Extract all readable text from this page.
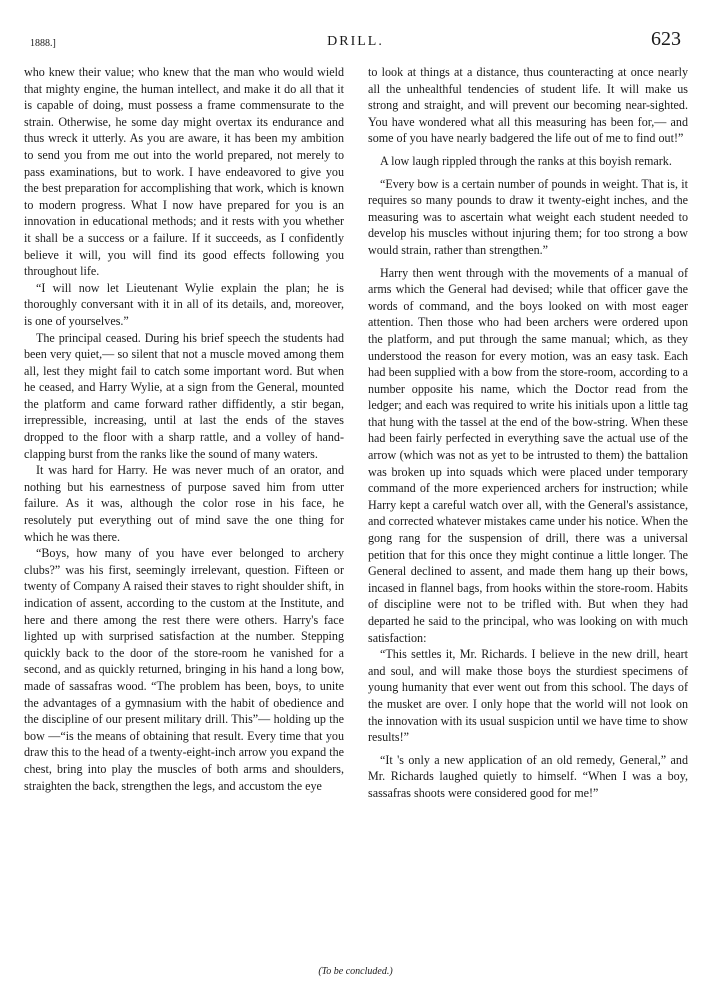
1888.]	DRILL.	623

who knew their value; who knew that the man who would wield that mighty engine, the human intellect, and make it do all that it is capable of doing, must possess a frame commensurate to the strain. Otherwise, he some day might overtax its endurance and thus wreck it utterly. As you are aware, it has been my ambition to send you from me out into the world prepared, not merely to pass examinations, but to work. I have endeavored to give you the best preparation for accomplishing that work, which is known to modern progress. What I now have prepared for you is an innovation in educational methods; and it rests with you whether it shall be a success or a failure. If it succeeds, as I confidently believe it will, you will find its good effects following you throughout life.

“I will now let Lieutenant Wylie explain the plan; he is thoroughly conversant with it in all of its details, and, moreover, is one of yourselves.”

The principal ceased. During his brief speech the students had been very quiet,— so silent that not a muscle moved among them all, lest they might fail to catch some important word. But when he ceased, and Harry Wylie, at a sign from the General, mounted the platform and came forward rather diffidently, a stir began, irrepressible, increasing, until at last the ends of the staves dropped to the floor with a sharp rattle, and a volley of hand-clapping burst from the ranks like the sound of many waters.

It was hard for Harry. He was never much of an orator, and nothing but his earnestness of purpose saved him from utter failure. As it was, although the color rose in his face, he resolutely put everything out of mind save the one thing for which he was there.

“Boys, how many of you have ever belonged to archery clubs?” was his first, seemingly irrelevant, question. Fifteen or twenty of Company A raised their staves to right shoulder shift, in indication of assent, according to the custom at the Institute, and here and there among the rest there were others. Harry's face lighted up with surprised satisfaction at the number. Stepping quickly back to the door of the store-room he vanished for a second, and as quickly returned, bringing in his hand a long bow, made of sassafras wood. “The problem has been, boys, to unite the advantages of a gymnasium with the habit of obedience and the discipline of our present military drill. This”— holding up the bow —“is the means of obtaining that result. Every time that you draw this to the head of a twenty-eight-inch arrow you expand the chest, bring into play the muscles of both arms and shoulders, straighten the back, strengthen the legs, and accustom the eye

to look at things at a distance, thus counteracting at once nearly all the unhealthful tendencies of student life. It will make us strong and straight, and will prevent our becoming near-sighted. You have wondered what all this measuring has been for,— and some of you have nearly badgered the life out of me to find out!”

A low laugh rippled through the ranks at this boyish remark.

“Every bow is a certain number of pounds in weight. That is, it requires so many pounds to draw it twenty-eight inches, and the measuring was to ascertain what weight each student needed to develop his muscles without injuring them; for too strong a bow would strain, rather than strengthen.”

Harry then went through with the movements of a manual of arms which the General had devised; while that officer gave the words of command, and the boys looked on with most eager attention. Then those who had been archers were ordered upon the platform, and put through the same manual; which, as they understood the reason for every motion, was an easy task. Each had been supplied with a bow from the store-room, according to a number opposite his name, which the Doctor read from the ledger; and each was required to write his initials upon a little tag that hung with the tassel at the end of the bow-string. When these had been fairly perfected in everything save the actual use of the arrow (which was not as yet to be intrusted to them) the battalion was broken up into squads which were placed under temporary command of the more experienced archers for instruction; while Harry kept a careful watch over all, with the General's assistance, and corrected whatever mistakes came under his notice. When the gong rang for the suspension of drill, there was a universal petition that for this once they might continue a little longer. The General declined to assent, and made them hang up their bows, incased in flannel bags, from hooks within the store-room. Habits of discipline were not to be trifled with. But when they had departed he said to the principal, who was looking on with much satisfaction:

“This settles it, Mr. Richards. I believe in the new drill, heart and soul, and will make those boys the sturdiest specimens of young humanity that ever went out from this school. The days of the musket are over. I only hope that the world will not look on the innovation with its usual suspicion until we have time to show results!”

“It 's only a new application of an old remedy, General,” and Mr. Richards laughed quietly to himself. “When I was a boy, sassafras shoots were considered good for me!”

(To be concluded.)
